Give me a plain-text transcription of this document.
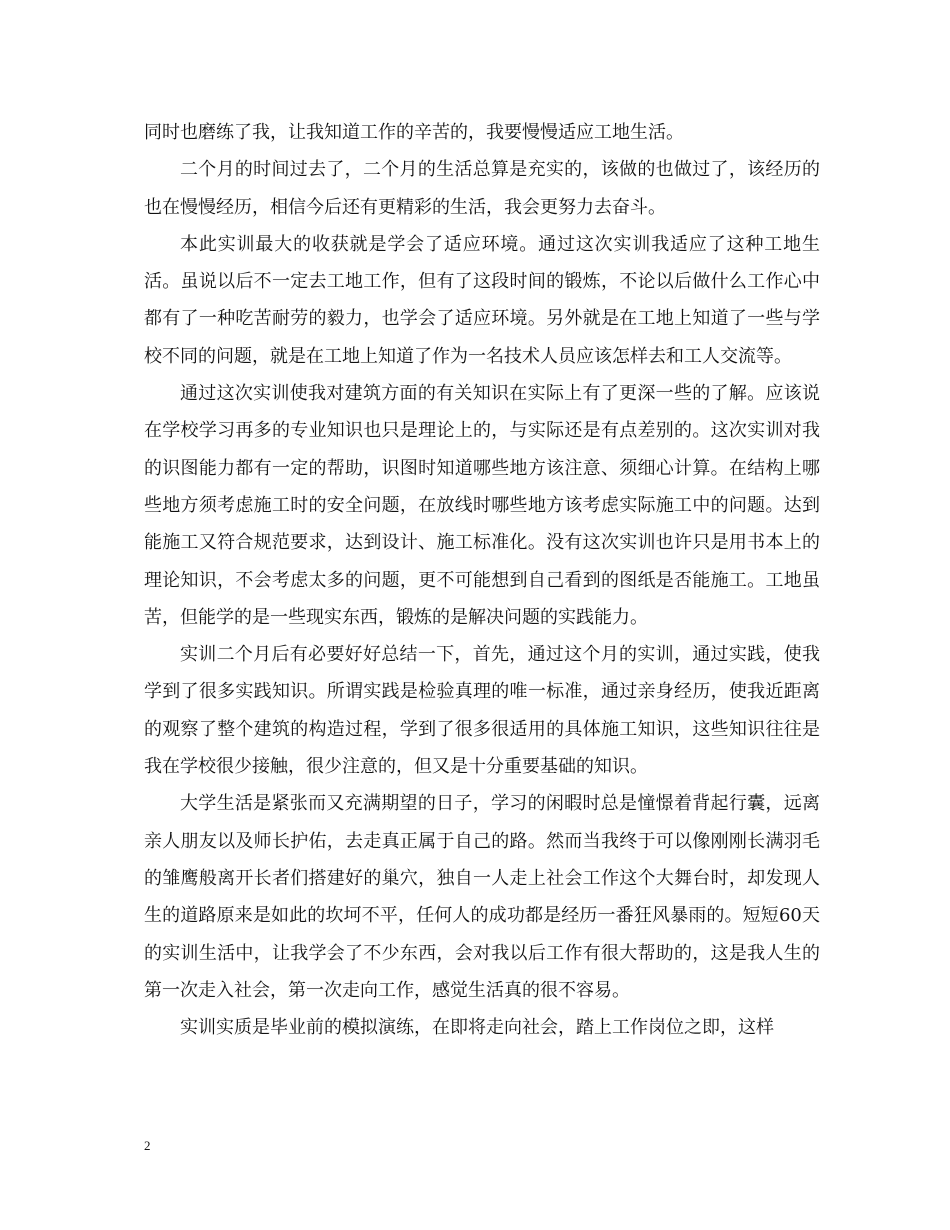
同时也磨练了我，让我知道工作的辛苦的，我要慢慢适应工地生活。

二个月的时间过去了，二个月的生活总算是充实的，该做的也做过了，该经历的也在慢慢经历，相信今后还有更精彩的生活，我会更努力去奋斗。

本此实训最大的收获就是学会了适应环境。通过这次实训我适应了这种工地生活。虽说以后不一定去工地工作，但有了这段时间的锻炼，不论以后做什么工作心中都有了一种吃苦耐劳的毅力，也学会了适应环境。另外就是在工地上知道了一些与学校不同的问题，就是在工地上知道了作为一名技术人员应该怎样去和工人交流等。

通过这次实训使我对建筑方面的有关知识在实际上有了更深一些的了解。应该说在学校学习再多的专业知识也只是理论上的，与实际还是有点差别的。这次实训对我的识图能力都有一定的帮助，识图时知道哪些地方该注意、须细心计算。在结构上哪些地方须考虑施工时的安全问题，在放线时哪些地方该考虑实际施工中的问题。达到能施工又符合规范要求，达到设计、施工标准化。没有这次实训也许只是用书本上的理论知识，不会考虑太多的问题，更不可能想到自己看到的图纸是否能施工。工地虽苦，但能学的是一些现实东西，锻炼的是解决问题的实践能力。

实训二个月后有必要好好总结一下，首先，通过这个月的实训，通过实践，使我学到了很多实践知识。所谓实践是检验真理的唯一标准，通过亲身经历，使我近距离的观察了整个建筑的构造过程，学到了很多很适用的具体施工知识，这些知识往往是我在学校很少接触，很少注意的，但又是十分重要基础的知识。

大学生活是紧张而又充满期望的日子，学习的闲暇时总是憧憬着背起行囊，远离亲人朋友以及师长护佑，去走真正属于自己的路。然而当我终于可以像刚刚长满羽毛的雏鹰般离开长者们搭建好的巢穴，独自一人走上社会工作这个大舞台时，却发现人生的道路原来是如此的坎坷不平，任何人的成功都是经历一番狂风暴雨的。短短60天的实训生活中，让我学会了不少东西，会对我以后工作有很大帮助的，这是我人生的第一次走入社会，第一次走向工作，感觉生活真的很不容易。

实训实质是毕业前的模拟演练，在即将走向社会，踏上工作岗位之即，这样

2
